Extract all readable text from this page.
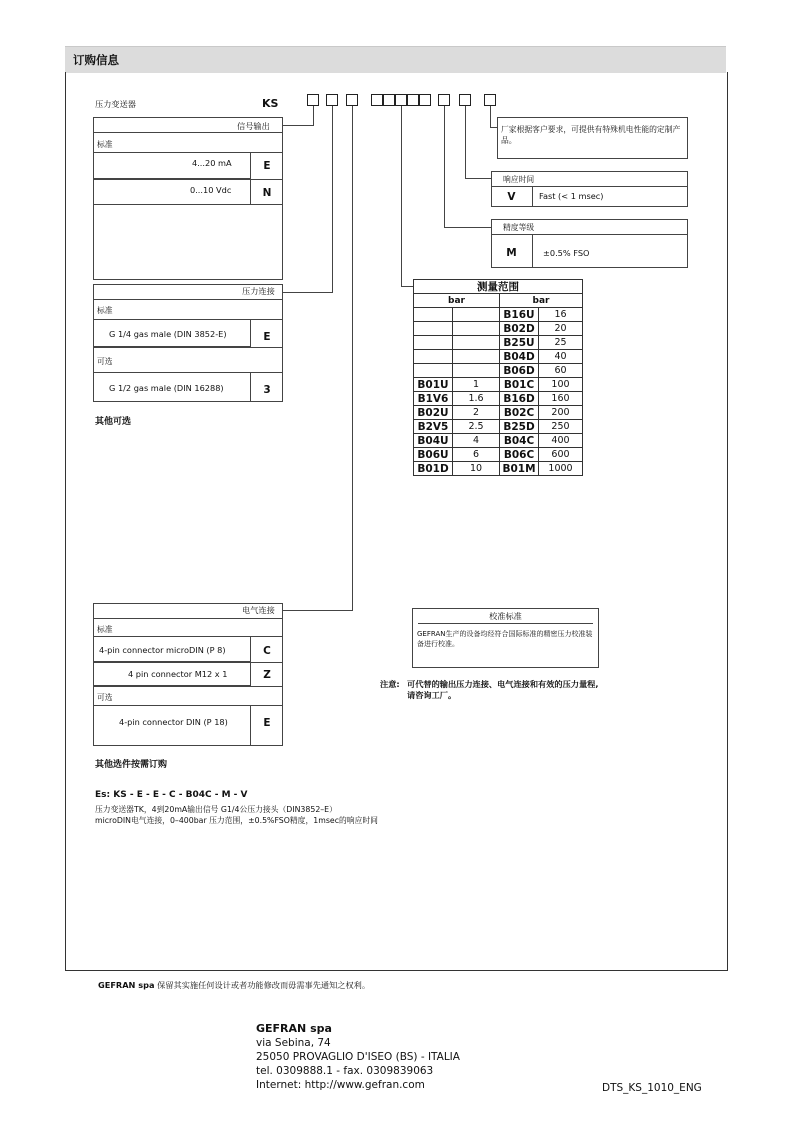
订购信息
压力变送器	KS
信号输出
标准
4...20 mA	E
0...10 Vdc	N
压力连接
标准
G 1/4 gas male (DIN 3852-E)	E
可选
G 1/2 gas male (DIN 16288)	3
其他可选
厂家根据客户要求，可提供有特殊机电性能的定制产品。
响应时间
V	Fast (< 1 msec)
精度等级
M	±0.5% FSO
测量范围			
bar		bar	
		B16U	16
		B02D	20
		B25U	25
		B04D	40
		B06D	60
B01U	1	B01C	100
B1V6	1.6	B16D	160
B02U	2	B02C	200
B2V5	2.5	B25D	250
B04U	4	B04C	400
B06U	6	B06C	600
B01D	10	B01M	1000
电气连接
标准
4-pin connector microDIN (P 8)	C
4 pin connector M12 x 1	Z
可选
4-pin connector DIN (P 18)	E
校准标准
GEFRAN生产的设备均经符合国际标准的精密压力校准装备进行校准。
注意: 可代替的输出压力连接、电气连接和有效的压力量程,
请咨询工厂。
其他选件按需订购
Es: KS - E - E - C - B04C - M - V
压力变送器TK，4到20mA输出信号 G1/4公压力接头（DIN3852–E）
microDIN电气连接，0–400bar 压力范围，±0.5%FSO精度，1msec的响应时间
GEFRAN spa 保留其实施任何设计或者功能修改而毋需事先通知之权利。
GEFRAN spa
via Sebina, 74
25050 PROVAGLIO D'ISEO (BS) - ITALIA
tel. 0309888.1 - fax. 0309839063
Internet: http://www.gefran.com	DTS_KS_1010_ENG
